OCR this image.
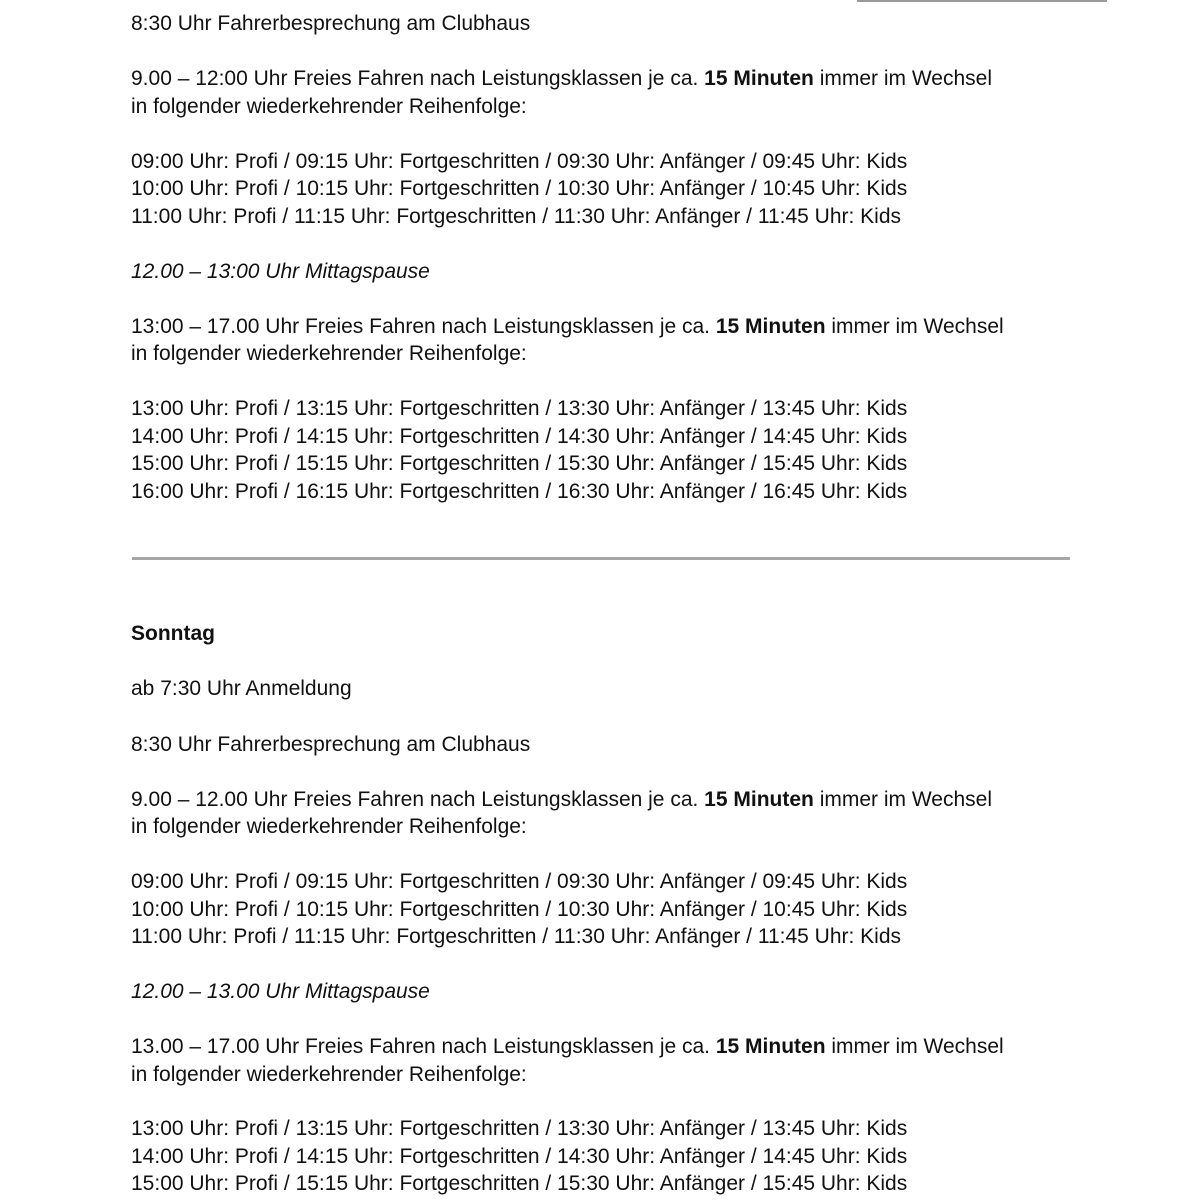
8:30 Uhr Fahrerbesprechung am Clubhaus
9.00 – 12:00 Uhr Freies Fahren nach Leistungsklassen je ca. 15 Minuten immer im Wechsel
in folgender wiederkehrender Reihenfolge:
09:00 Uhr: Profi / 09:15 Uhr: Fortgeschritten / 09:30 Uhr: Anfänger / 09:45 Uhr: Kids
10:00 Uhr: Profi / 10:15 Uhr: Fortgeschritten / 10:30 Uhr: Anfänger / 10:45 Uhr: Kids
11:00 Uhr: Profi / 11:15 Uhr: Fortgeschritten / 11:30 Uhr: Anfänger / 11:45 Uhr: Kids
12.00 – 13:00 Uhr Mittagspause
13:00 – 17.00 Uhr Freies Fahren nach Leistungsklassen je ca. 15 Minuten immer im Wechsel
in folgender wiederkehrender Reihenfolge:
13:00 Uhr: Profi / 13:15 Uhr: Fortgeschritten / 13:30 Uhr: Anfänger / 13:45 Uhr: Kids
14:00 Uhr: Profi / 14:15 Uhr: Fortgeschritten / 14:30 Uhr: Anfänger / 14:45 Uhr: Kids
15:00 Uhr: Profi / 15:15 Uhr: Fortgeschritten / 15:30 Uhr: Anfänger / 15:45 Uhr: Kids
16:00 Uhr: Profi / 16:15 Uhr: Fortgeschritten / 16:30 Uhr: Anfänger / 16:45 Uhr: Kids
Sonntag
ab 7:30 Uhr Anmeldung
8:30 Uhr Fahrerbesprechung am Clubhaus
9.00 – 12.00 Uhr Freies Fahren nach Leistungsklassen je ca. 15 Minuten immer im Wechsel
in folgender wiederkehrender Reihenfolge:
09:00 Uhr: Profi / 09:15 Uhr: Fortgeschritten / 09:30 Uhr: Anfänger / 09:45 Uhr: Kids
10:00 Uhr: Profi / 10:15 Uhr: Fortgeschritten / 10:30 Uhr: Anfänger / 10:45 Uhr: Kids
11:00 Uhr: Profi / 11:15 Uhr: Fortgeschritten / 11:30 Uhr: Anfänger / 11:45 Uhr: Kids
12.00 – 13.00 Uhr Mittagspause
13.00 – 17.00 Uhr Freies Fahren nach Leistungsklassen je ca. 15 Minuten immer im Wechsel
in folgender wiederkehrender Reihenfolge:
13:00 Uhr: Profi / 13:15 Uhr: Fortgeschritten / 13:30 Uhr: Anfänger / 13:45 Uhr: Kids
14:00 Uhr: Profi / 14:15 Uhr: Fortgeschritten / 14:30 Uhr: Anfänger / 14:45 Uhr: Kids
15:00 Uhr: Profi / 15:15 Uhr: Fortgeschritten / 15:30 Uhr: Anfänger / 15:45 Uhr: Kids
